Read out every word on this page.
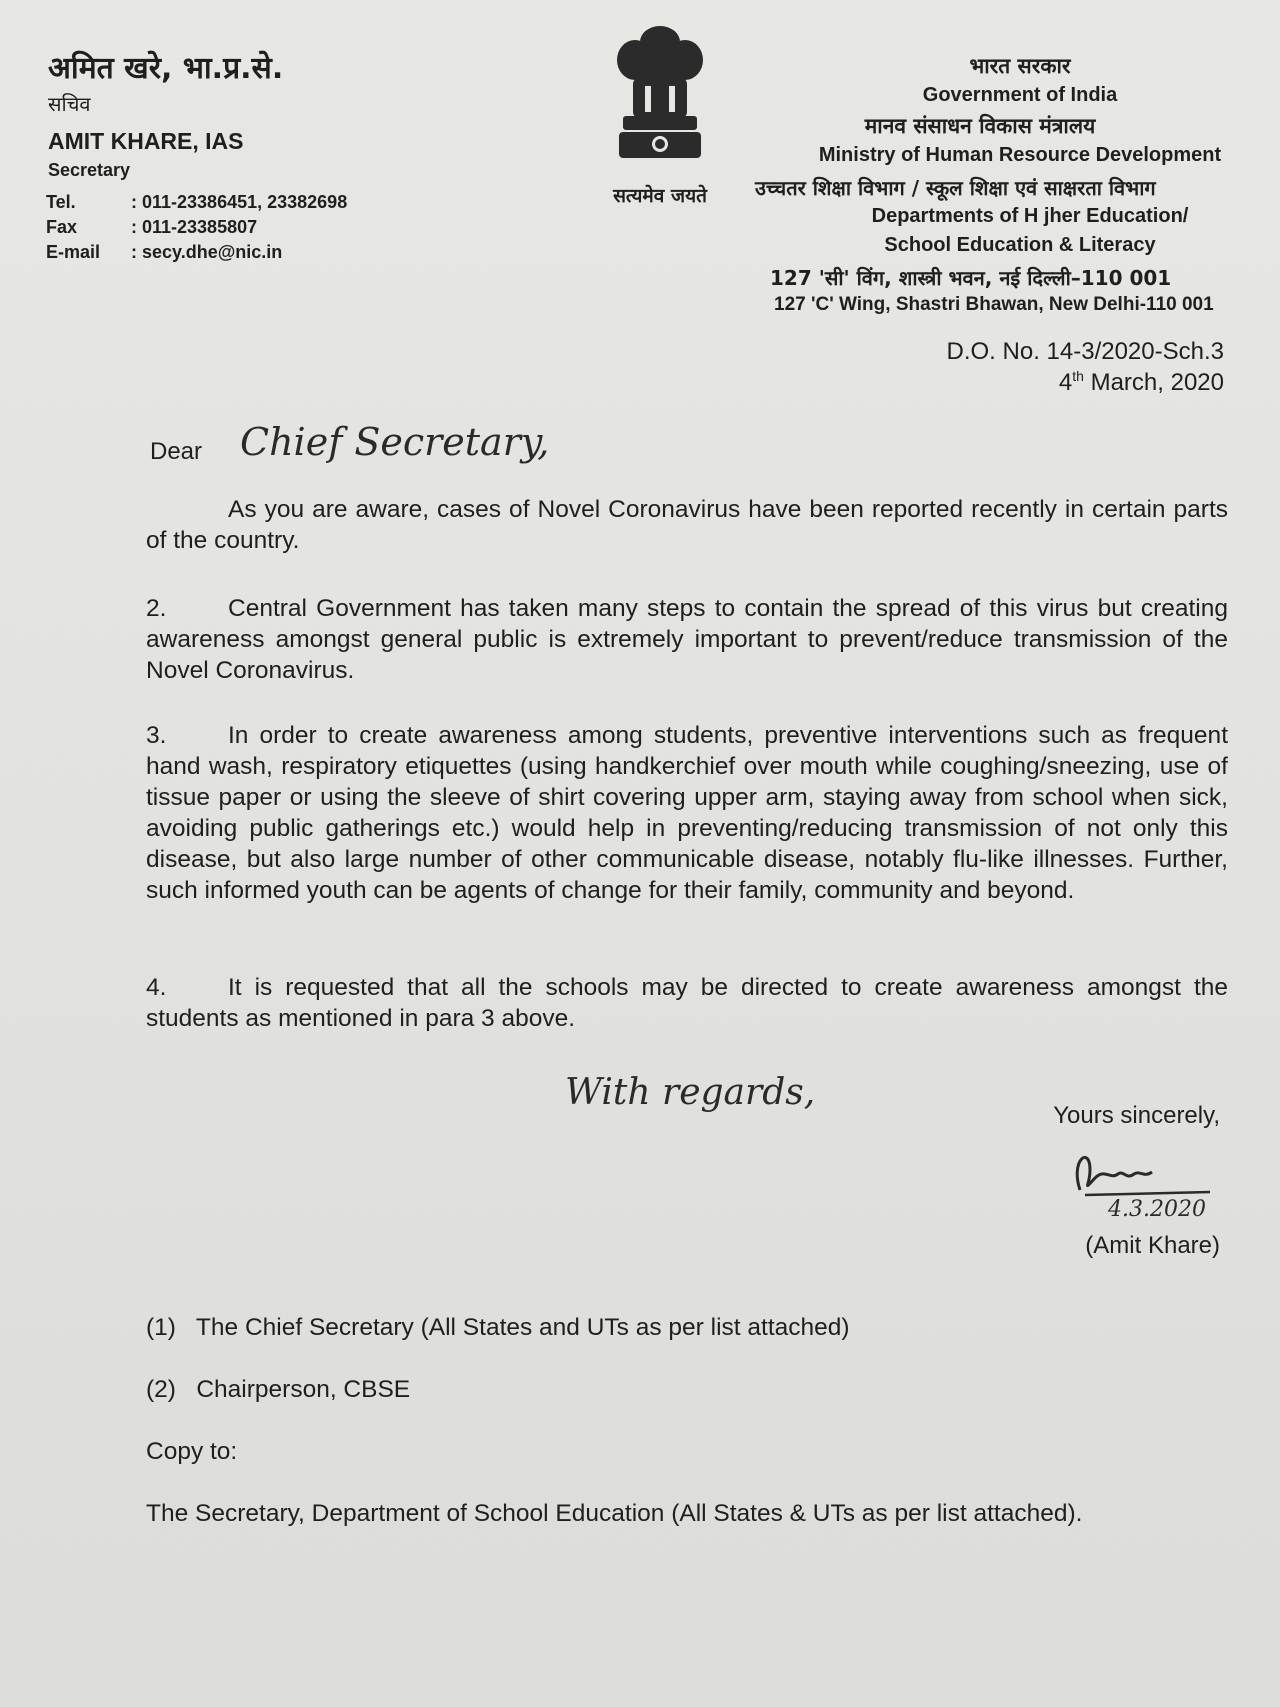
अमित खरे, भा.प्र.से.
सचिव
AMIT KHARE, IAS
Secretary
Tel.	: 011-23386451, 23382698
Fax	: 011-23385807
E-mail	: secy.dhe@nic.in
सत्यमेव जयते
भारत सरकार
Government of India
मानव संसाधन विकास मंत्रालय
Ministry of Human Resource Development
उच्चतर शिक्षा विभाग / स्कूल शिक्षा एवं साक्षरता विभाग
Departments of H jher Education/
School Education & Literacy
127 'सी' विंग, शास्त्री भवन, नई दिल्ली–110 001
127 'C' Wing, Shastri Bhawan, New Delhi-110 001
D.O. No. 14-3/2020-Sch.3
4th March, 2020
Dear Chief Secretary,
As you are aware, cases of Novel Coronavirus have been reported recently in certain parts of the country.
2.	Central Government has taken many steps to contain the spread of this virus but creating awareness amongst general public is extremely important to prevent/reduce transmission of the Novel Coronavirus.
3.	In order to create awareness among students, preventive interventions such as frequent hand wash, respiratory etiquettes (using handkerchief over mouth while coughing/sneezing, use of tissue paper or using the sleeve of shirt covering upper arm, staying away from school when sick, avoiding public gatherings etc.) would help in preventing/reducing transmission of not only this disease, but also large number of other communicable disease, notably flu-like illnesses. Further, such informed youth can be agents of change for their family, community and beyond.
4.	It is requested that all the schools may be directed to create awareness amongst the students as mentioned in para 3 above.
With regards,
Yours sincerely,
4.3.2020
(Amit Khare)
(1)   The Chief Secretary (All States and UTs as per list attached)
(2)   Chairperson, CBSE
Copy to:
The Secretary, Department of School Education (All States & UTs as per list attached).
